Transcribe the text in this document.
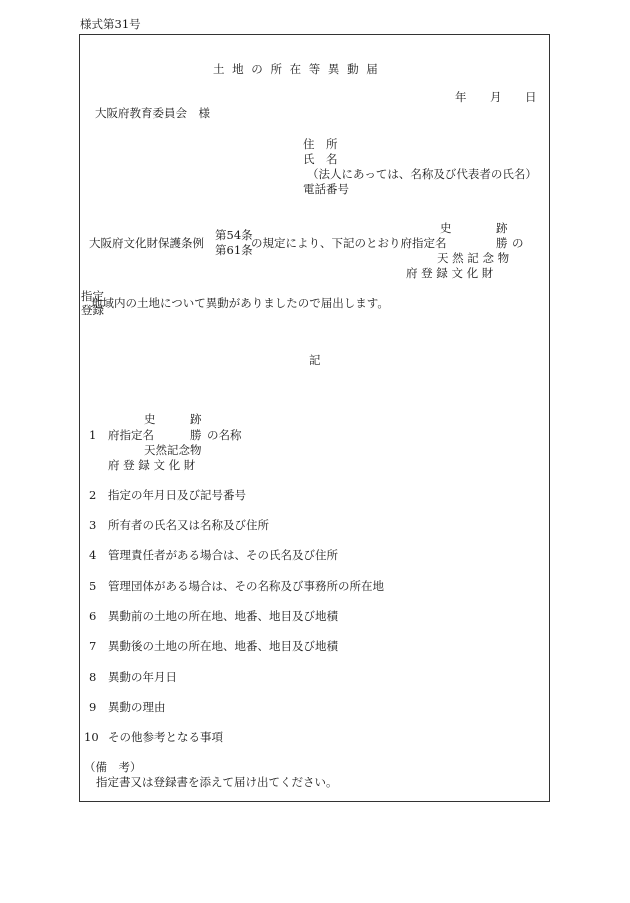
様式第31号
土 地 の 所 在 等 異 動 届
年 月 日
大阪府教育委員会　様
住　所
氏　名
（法人にあっては、名称及び代表者の氏名）
電話番号
史	跡
第54条
大阪府文化財保護条例	の規定により、下記のとおり府指定名	勝 の
第61条
天 然 記 念 物
府 登 録 文 化 財
指定
地域内の土地について異動がありましたので届出します。
登録
記
史	跡
1 府指定名	勝 の名称
天然記念物
府 登 録 文 化 財
2 指定の年月日及び記号番号
3 所有者の氏名又は名称及び住所
4 管理責任者がある場合は、その氏名及び住所
5 管理団体がある場合は、その名称及び事務所の所在地
6 異動前の土地の所在地、地番、地目及び地積
7 異動後の土地の所在地、地番、地目及び地積
8 異動の年月日
9 異動の理由
10 その他参考となる事項
（備　考）
指定書又は登録書を添えて届け出てください。
